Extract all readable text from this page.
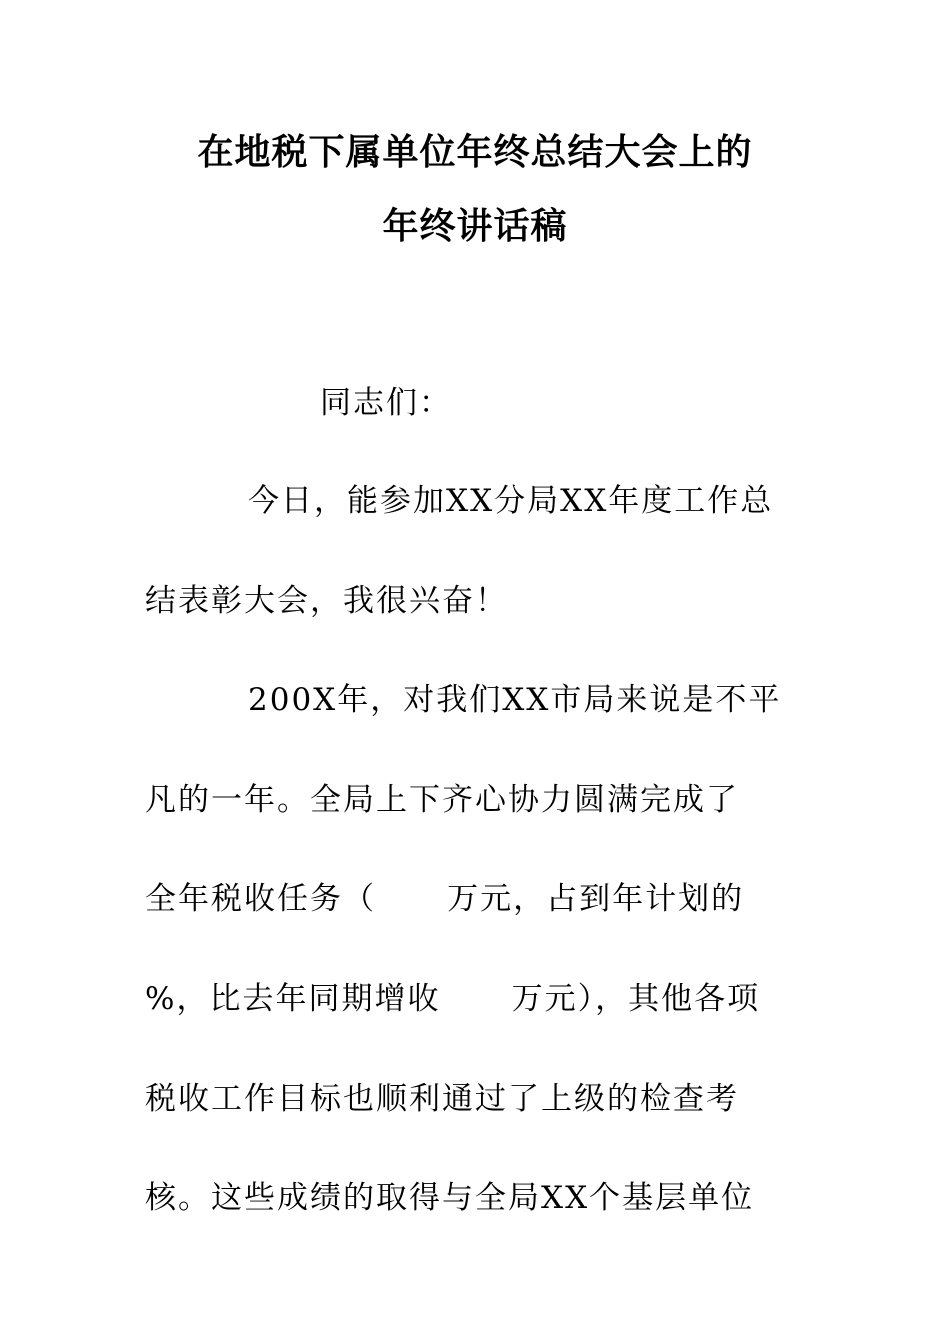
在地税下属单位年终总结大会上的
年终讲话稿
同志们：
今日，能参加XX分局XX年度工作总
结表彰大会，我很兴奋！
200X年，对我们XX市局来说是不平
凡的一年。全局上下齐心协力圆满完成了
全年税收任务（      万元，占到年计划的
%，比去年同期增收      万元），其他各项
税收工作目标也顺利通过了上级的检查考
核。这些成绩的取得与全局XX个基层单位
